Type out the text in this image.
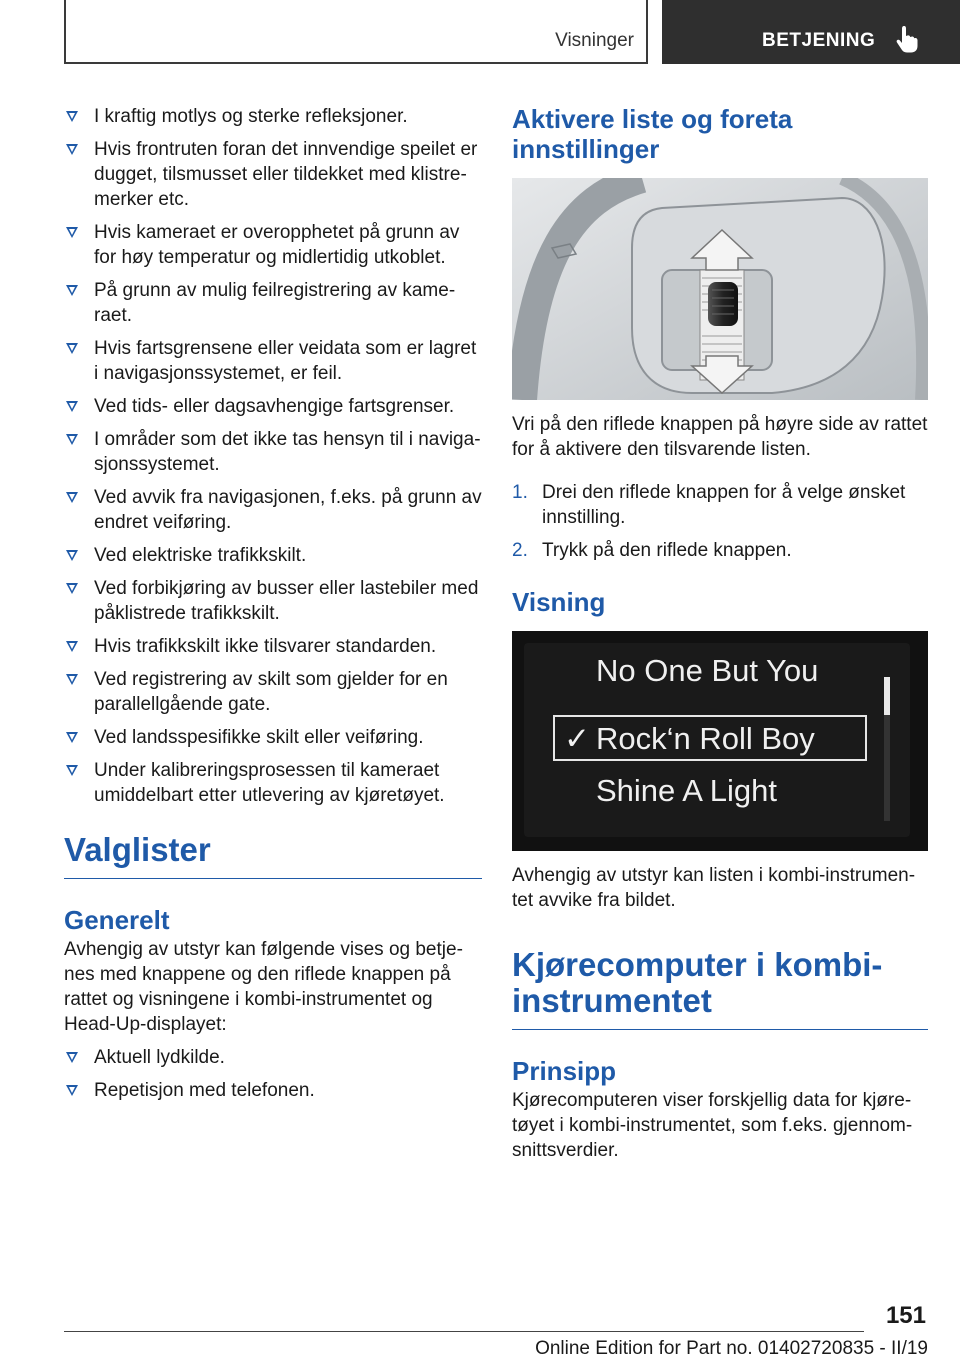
Visninger	BETJENING
I kraftig motlys og sterke refleksjoner.
Hvis frontruten foran det innvendige speilet er dugget, tilsmusset eller tildekket med klistremerker etc.
Hvis kameraet er overopphetet på grunn av for høy temperatur og midlertidig utkoblet.
På grunn av mulig feilregistrering av kameraet.
Hvis fartsgrensene eller veidata som er lagret i navigasjonssystemet, er feil.
Ved tids- eller dagsavhengige fartsgrenser.
I områder som det ikke tas hensyn til i navigasjonssystemet.
Ved avvik fra navigasjonen, f.eks. på grunn av endret veiføring.
Ved elektriske trafikkskilt.
Ved forbikjøring av busser eller lastebiler med påklistrede trafikkskilt.
Hvis trafikkskilt ikke tilsvarer standarden.
Ved registrering av skilt som gjelder for en parallellgående gate.
Ved landsspesifikke skilt eller veiføring.
Under kalibreringsprosessen til kameraet umiddelbart etter utlevering av kjøretøyet.
Valglister
Generelt

Avhengig av utstyr kan følgende vises og betjenes med knappene og den riflede knappen på rattet og visningene i kombi-instrumentet og Head-Up-displayet:

Aktuell lydkilde.
Repetisjon med telefonen.
Aktivere liste og foreta innstillinger

Vri på den riflede knappen på høyre side av rattet for å aktivere den tilsvarende listen.

1. Drei den riflede knappen for å velge ønsket innstilling.
2. Trykk på den riflede knappen.
Visning
No One But You
✓ Rock‘n Roll Boy
Shine A Light

Avhengig av utstyr kan listen i kombi-instrumentet avvike fra bildet.

Kjørecomputer i kombiinstrumentet
Prinsipp

Kjørecomputeren viser forskjellig data for kjøretøyet i kombi-instrumentet, som f.eks. gjennomsnittsverdier.

151
Online Edition for Part no. 01402720835 - II/19
